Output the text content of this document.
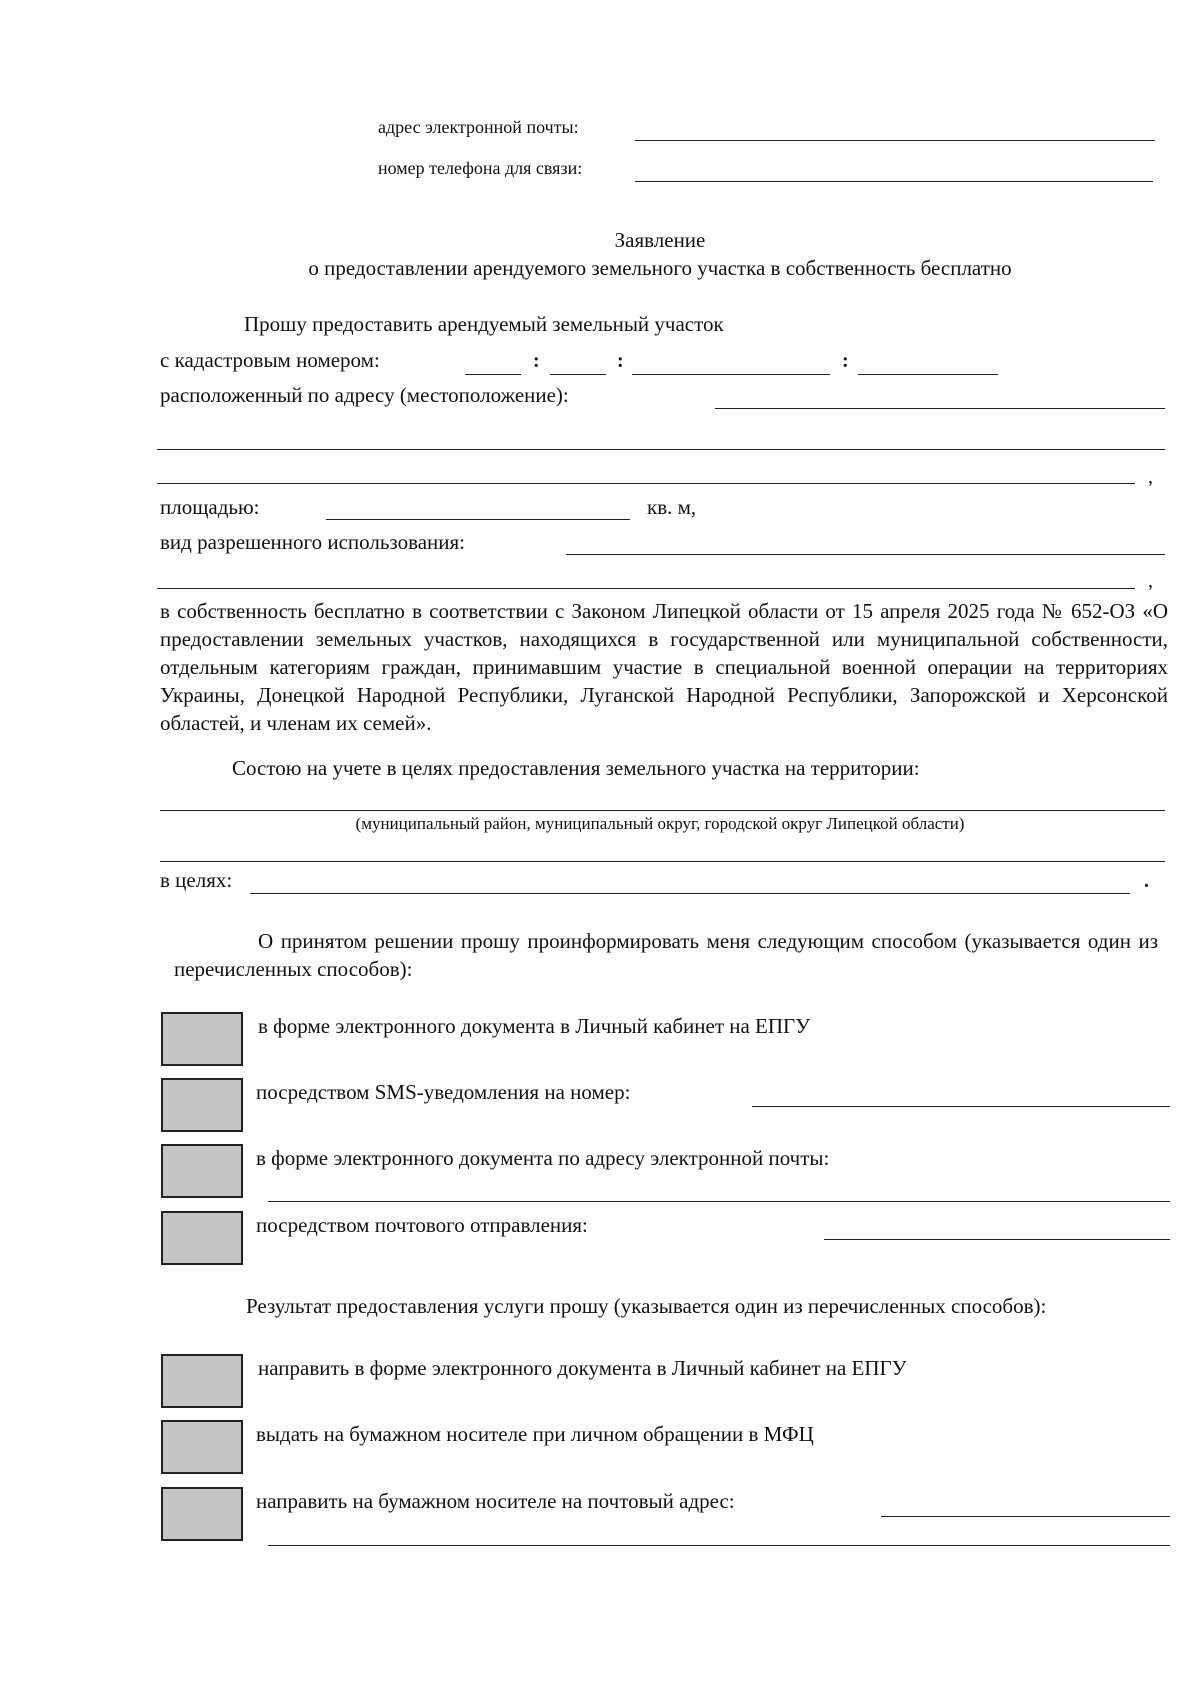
адрес электронной почты:
номер телефона для связи:
Заявление
о предоставлении арендуемого земельного участка в собственность бесплатно
Прошу предоставить арендуемый земельный участок
с кадастровым номером:	:	:	:
расположенный по адресу (местоположение):
,
площадью:	кв. м,
вид разрешенного использования:
,
в собственность бесплатно в соответствии с Законом Липецкой области от 15 апреля 2025 года № 652-ОЗ «О предоставлении земельных участков, находящихся в государственной или муниципальной собственности, отдельным категориям граждан, принимавшим участие в специальной военной операции на территориях Украины, Донецкой Народной Республики, Луганской Народной Республики, Запорожской и Херсонской областей, и членам их семей».
Состою на учете в целях предоставления земельного участка на территории:
(муниципальный район, муниципальный округ, городской округ Липецкой области)
в целях:	.
О принятом решении прошу проинформировать меня следующим способом (указывается один из перечисленных способов):
в форме электронного документа в Личный кабинет на ЕПГУ
посредством SMS-уведомления на номер:
в форме электронного документа по адресу электронной почты:
посредством почтового отправления:
Результат предоставления услуги прошу (указывается один из перечисленных способов):
направить в форме электронного документа в Личный кабинет на ЕПГУ
выдать на бумажном носителе при личном обращении в МФЦ
направить на бумажном носителе на почтовый адрес:
